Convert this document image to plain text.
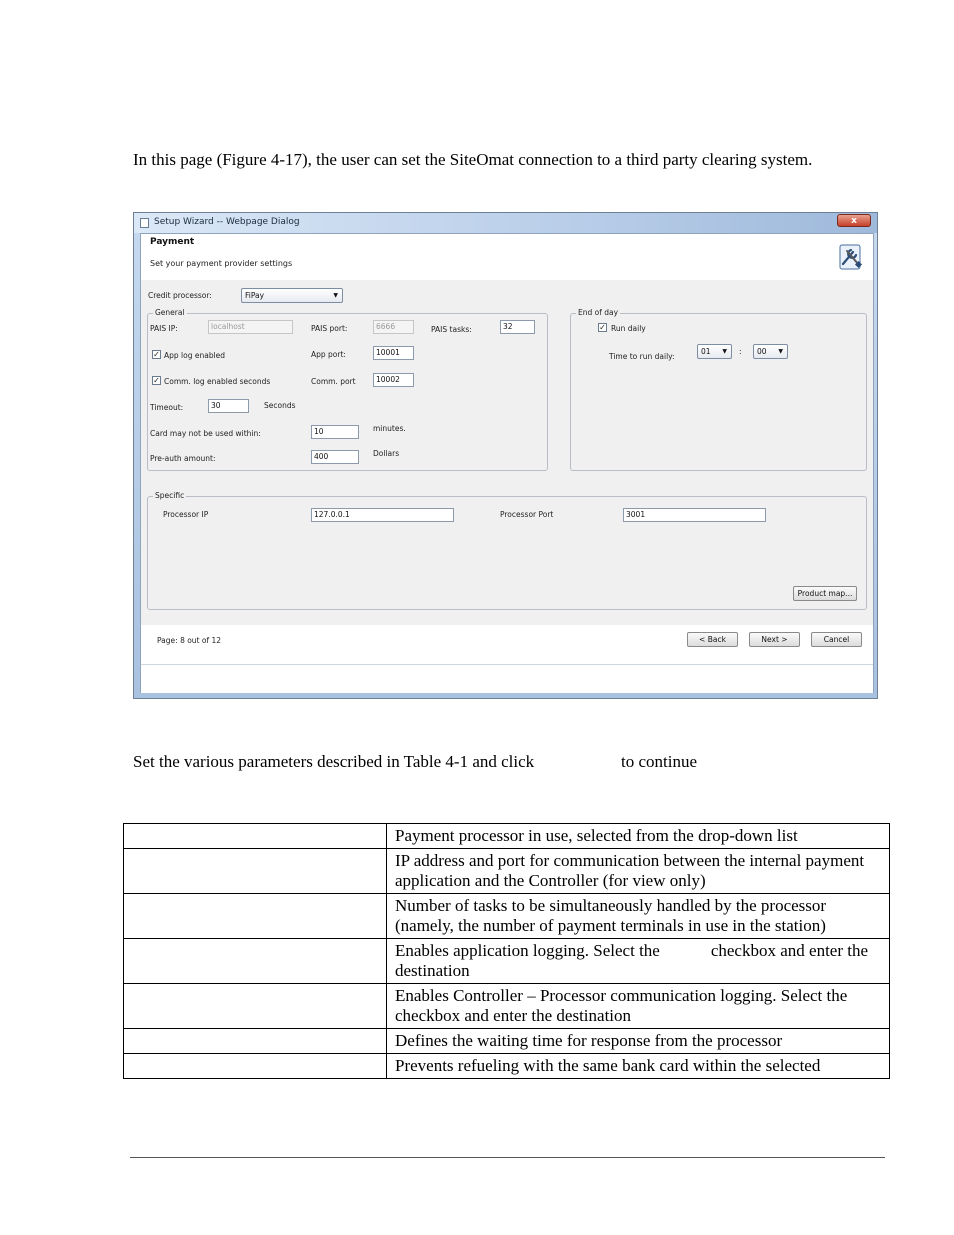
In this page (Figure 4-17), the user can set the SiteOmat connection to a third party clearing system.
Setup Wizard -- Webpage Dialog	x
Payment
Set your payment provider settings
Credit processor:	FiPay	▼
General
PAIS IP:	localhost	PAIS port:	6666	PAIS tasks:	32
✓ App log enabled	App port:	10001
✓ Comm. log enabled seconds	Comm. port	10002
Timeout:	30	Seconds
Card may not be used within:	10	minutes.
Pre-auth amount:	400	Dollars
End of day
✓ Run daily
Time to run daily:
01 ▼ :	00 ▼
Specific
Processor IP	127.0.0.1	Processor Port	3001
Product map...
Page: 8 out of 12	< Back	Next >	Cancel
Set the various parameters described in Table 4-1 and click	to continue
	Payment processor in use, selected from the drop-down list
	IP address and port for communication between the internal payment application and the Controller (for view only)
	Number of tasks to be simultaneously handled by the processor (namely, the number of payment terminals in use in the station)
	Enables application logging. Select the            checkbox and enter the destination
	Enables Controller – Processor communication logging. Select the            checkbox and enter the destination
	Defines the waiting time for response from the processor
	Prevents refueling with the same bank card within the selected
